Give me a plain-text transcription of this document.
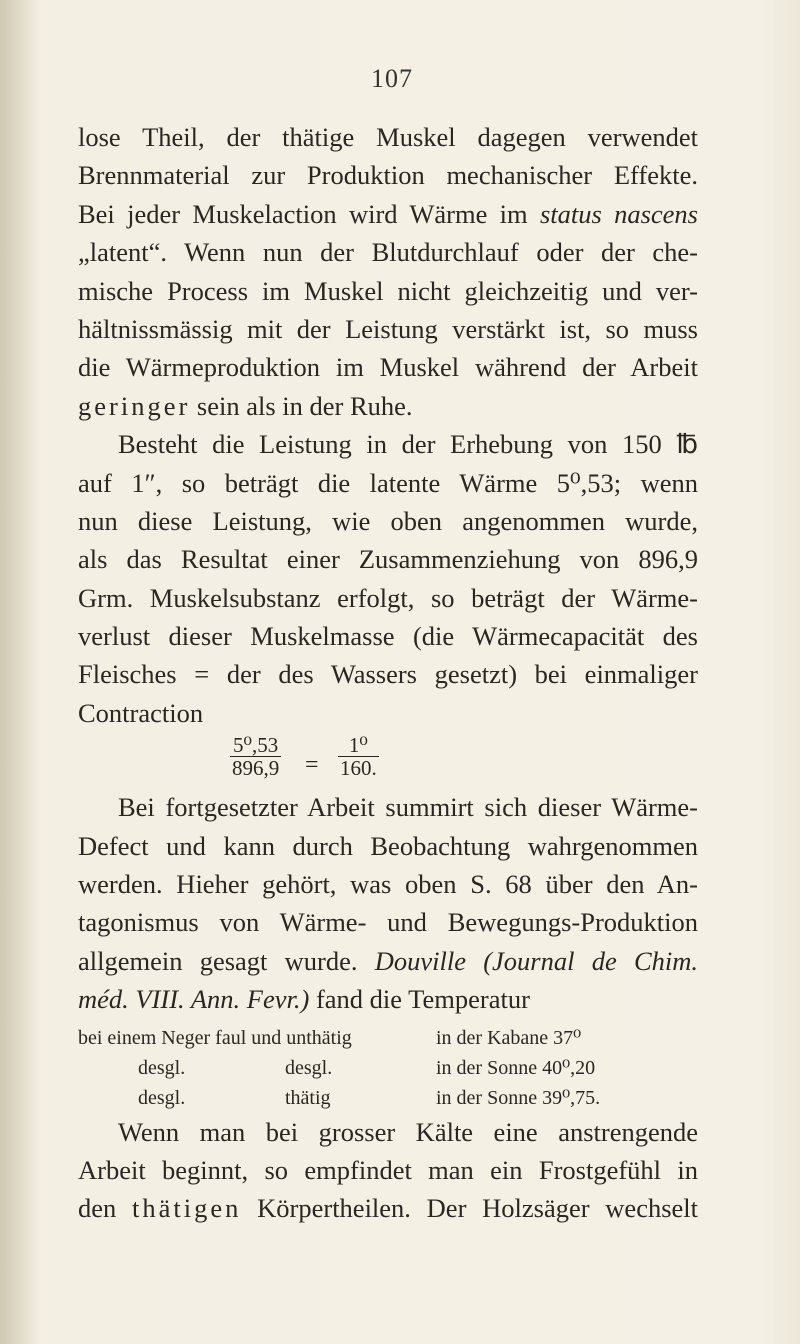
107
lose Theil, der thätige Muskel dagegen verwendet
Brennmaterial zur Produktion mechanischer Effekte.
Bei jeder Muskelaction wird Wärme im status nascens
„latent“. Wenn nun der Blutdurchlauf oder der che-
mische Process im Muskel nicht gleichzeitig und ver-
hältnissmässig mit der Leistung verstärkt ist, so muss
die Wärmeproduktion im Muskel während der Arbeit
geringer sein als in der Ruhe.
Besteht die Leistung in der Erhebung von 150 ℔
auf 1″, so beträgt die latente Wärme 5⁰,53; wenn
nun diese Leistung, wie oben angenommen wurde,
als das Resultat einer Zusammenziehung von 896,9
Grm. Muskelsubstanz erfolgt, so beträgt der Wärme-
verlust dieser Muskelmasse (die Wärmecapacität des
Fleisches = der des Wassers gesetzt) bei einmaliger
Contraction
$\frac{\text{5⁰,53}}{896,9} = \frac{\text{1⁰}}{160.}$
Bei fortgesetzter Arbeit summirt sich dieser Wärme-
Defect und kann durch Beobachtung wahrgenommen
werden. Hieher gehört, was oben S. 68 über den An-
tagonismus von Wärme- und Bewegungs-Produktion
allgemein gesagt wurde. Douville (Journal de Chim.
méd. VIII. Ann. Fevr.) fand die Temperatur
bei einem Neger faul und unthätig	in der Kabane 37⁰
desgl.	desgl.	in der Sonne 40⁰,20
desgl.	thätig	in der Sonne 39⁰,75.
Wenn man bei grosser Kälte eine anstrengende
Arbeit beginnt, so empfindet man ein Frostgefühl in
den thätigen Körpertheilen. Der Holzsäger wechselt
